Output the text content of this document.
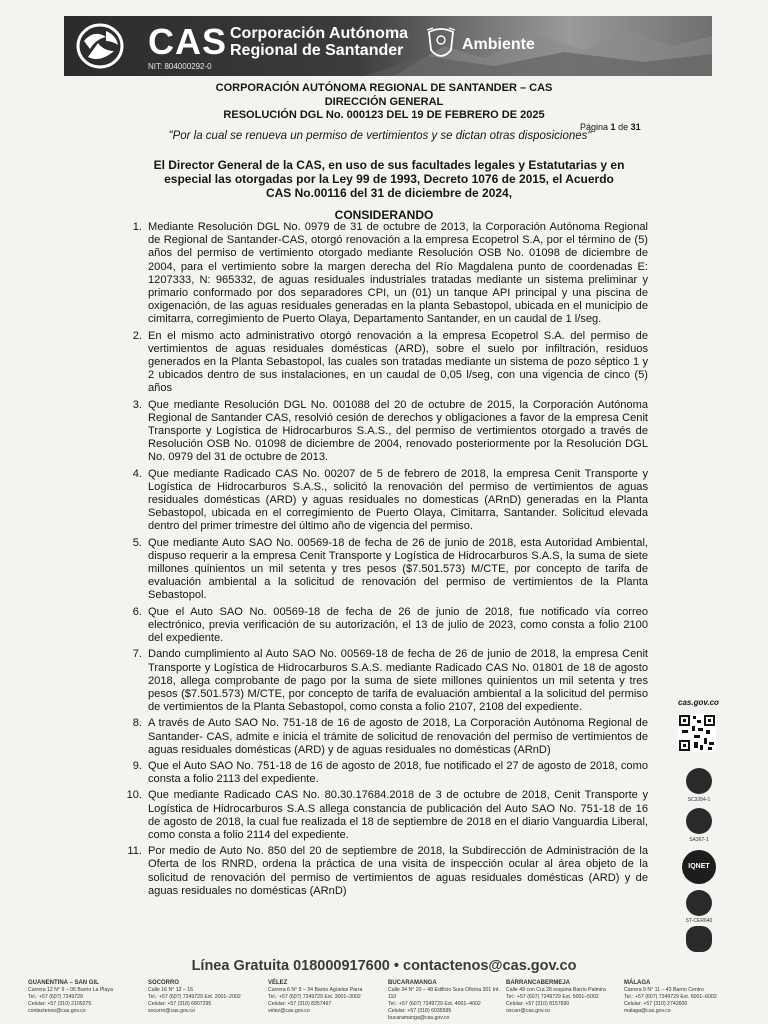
CAS Corporación Autónoma
Regional de Santander
NIT: 804000292-0
Ambiente
CORPORACIÓN AUTÓNOMA REGIONAL DE SANTANDER – CAS
DIRECCIÓN GENERAL
RESOLUCIÓN DGL No. 000123 DEL 19 DE FEBRERO DE 2025
Página 1 de 31
"Por la cual se renueva un permiso de vertimientos y se dictan otras disposiciones"
El Director General de la CAS, en uso de sus facultades legales y Estatutarias y en especial las otorgadas por la Ley 99 de 1993, Decreto 1076 de 2015, el Acuerdo CAS No.00116 del 31 de diciembre de 2024,
CONSIDERANDO
1. Mediante Resolución DGL No. 0979 de 31 de octubre de 2013, la Corporación Autónoma Regional de Regional de Santander-CAS, otorgó renovación a la empresa Ecopetrol S.A, por el término de (5) años del permiso de vertimiento otorgado mediante Resolución OSB No. 01098 de diciembre de 2004, para el vertimiento sobre la margen derecha del Río Magdalena punto de coordenadas E: 1207333, N: 965332, de aguas residuales industriales tratadas mediante un sistema preliminar y primario conformado por dos separadores CPI, un (01) un tanque API principal y una piscina de oxigenación, de las aguas residuales generadas en la planta Sebastopol, ubicada en el municipio de cimitarra, corregimiento de Puerto Olaya, Departamento Santander, en un caudal de 1 l/seg.
2. En el mismo acto administrativo otorgó renovación a la empresa Ecopetrol S.A. del permiso de vertimientos de aguas residuales domésticas (ARD), sobre el suelo por infiltración, residuos generados en la Planta Sebastopol, las cuales son tratadas mediante un sistema de pozo séptico 1 y 2 ubicados dentro de sus instalaciones, en un caudal de 0,05 l/seg, con una vigencia de cinco (5) años
3. Que mediante Resolución DGL No. 001088 del 20 de octubre de 2015, la Corporación Autónoma Regional de Santander CAS, resolvió cesión de derechos y obligaciones a favor de la empresa Cenit Transporte y Logística de Hidrocarburos S.A.S., del permiso de vertimientos otorgado a través de Resolución OSB No. 01098 de diciembre de 2004, renovado posteriormente por la Resolución DGL No. 0979 del 31 de octubre de 2013.
4. Que mediante Radicado CAS No. 00207 de 5 de febrero de 2018, la empresa Cenit Transporte y Logística de Hidrocarburos S.A.S., solicitó la renovación del permiso de vertimientos de aguas residuales domésticas (ARD) y aguas residuales no domesticas (ARnD) generadas en la Planta Sebastopol, ubicada en el corregimiento de Puerto Olaya, Cimitarra, Santander. Solicitud elevada dentro del primer trimestre del último año de vigencia del permiso.
5. Que mediante Auto SAO No. 00569-18 de fecha de 26 de junio de 2018, esta Autoridad Ambiental, dispuso requerir a la empresa Cenit Transporte y Logística de Hidrocarburos S.A.S, la suma de siete millones quinientos un mil setenta y tres pesos ($7.501.573) M/CTE, por concepto de tarifa de evaluación ambiental a la solicitud de renovación del permiso de vertimientos de la Planta Sebastopol.
6. Que el Auto SAO No. 00569-18 de fecha de 26 de junio de 2018, fue notificado vía correo electrónico, previa verificación de su autorización, el 13 de julio de 2023, como consta a folio 2100 del expediente.
7. Dando cumplimiento al Auto SAO No. 00569-18 de fecha de 26 de junio de 2018, la empresa Cenit Transporte y Logística de Hidrocarburos S.A.S. mediante Radicado CAS No. 01801 de 18 de agosto 2018, allega comprobante de pago por la suma de siete millones quinientos un mil setenta y tres pesos ($7.501.573) M/CTE, por concepto de tarifa de evaluación ambiental a la solicitud del permiso de vertimientos de la Planta Sebastopol, como consta a folio 2107, 2108 del expediente.
8. A través de Auto SAO No. 751-18 de 16 de agosto de 2018, La Corporación Autónoma Regional de Santander- CAS, admite e inicia el trámite de solicitud de renovación del permiso de vertimientos de aguas residuales domésticas (ARD) y de aguas residuales no domésticas (ARnD)
9. Que el Auto SAO No. 751-18 de 16 de agosto de 2018, fue notificado el 27 de agosto de 2018, como consta a folio 2113 del expediente.
10. Que mediante Radicado CAS No. 80.30.17684.2018 de 3 de octubre de 2018, Cenit Transporte y Logística de Hidrocarburos S.A.S allega constancia de publicación del Auto SAO No. 751-18 de 16 de agosto de 2018, la cual fue realizada el 18 de septiembre de 2018 en el diario Vanguardia Liberal, como consta a folio 2114 del expediente.
11. Por medio de Auto No. 850 del 20 de septiembre de 2018, la Subdirección de Administración de la Oferta de los RNRD, ordena la práctica de una visita de inspección ocular al área objeto de la solicitud de renovación del permiso de vertimientos de aguas residuales domésticas (ARD) y de aguas residuales no domésticas (ARnD)
cas.gov.co
SC3284-1
SA367-1
IQNET
ST-CER640
Línea Gratuita 018000917600 • contactenos@cas.gov.co
GUANENTINA – SAN GIL
Carrera 12 N° 9 – 06 Barrio La Playa
Tel.: +57 (607) 7249729
Celular: +57 (310) 2109275
contactenos@cas.gov.co
SOCORRO
Calle 16 N° 12 – 16
Tel.: +57 (607) 7249729 Ext. 2001–2002
Celular: +57 (318) 6807295
socorro@cas.gov.co
VÉLEZ
Carrera 6 N° 9 – 34 Barrio Agüelos Parra
Tel.: +57 (607) 7249729 Ext. 3001–3002
Celular: +57 (310) 8357497
velez@cas.gov.co
BUCARAMANGA
Calle 34 N° 20 – 48 Edificio Sura Oficina 301 Int. 110
Tel.: +57 (607) 7249729 Ext. 4001–4002
Celular: +57 (318) 6035595
bucaramanga@cas.gov.co
BARRANCABERMEJA
Calle 49 con Cra 28 esquina Barrio Palmira
Tel.: +57 (607) 7249729 Ext. 5001–5002
Celular: +57 (310) 8157690
oscarr@cas.gov.co
MÁLAGA
Carrera 9 N° 11 – 43 Barrio Centro
Tel.: +57 (607) 7249729 Ext. 6001–6002
Celular: +57 (310) 2742600
malaga@cas.gov.co
